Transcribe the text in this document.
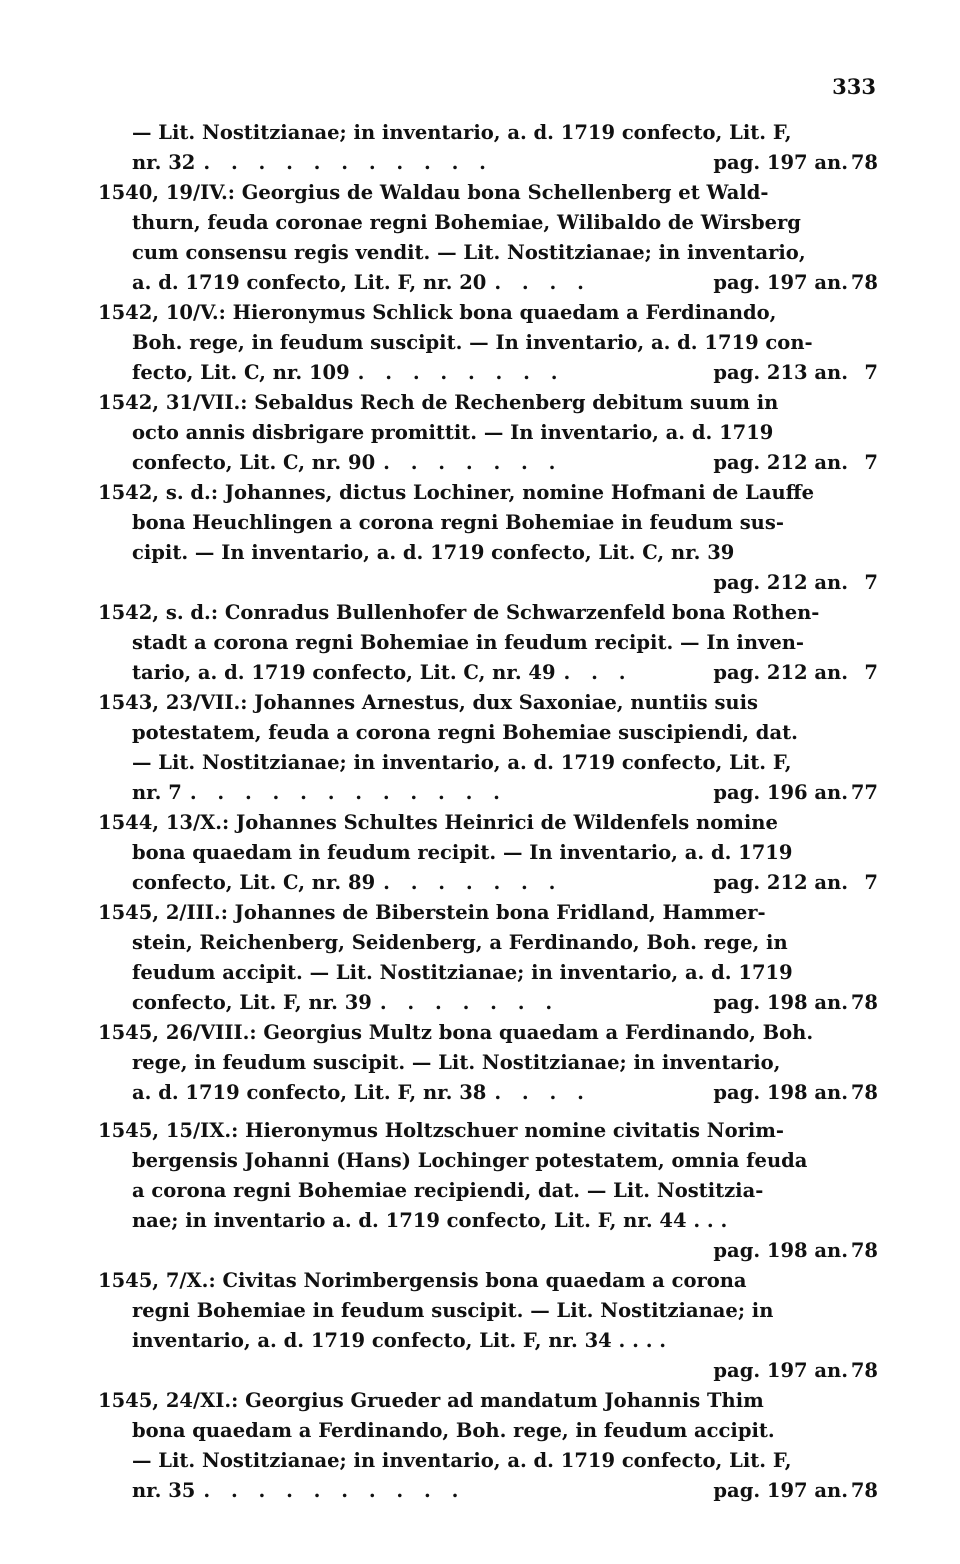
333
— Lit. Nostitzianae; in inventario, a. d. 1719 confecto, Lit. F,
nr. 32 . . . . . . . . . . .	pag. 197 an. 78
1540, 19/IV.: Georgius de Waldau bona Schellenberg et Wald-
thurn, feuda coronae regni Bohemiae, Wilibaldo de Wirsberg
cum consensu regis vendit. — Lit. Nostitzianae; in inventario,
a. d. 1719 confecto, Lit. F, nr. 20 . . . .	pag. 197 an. 78
1542, 10/V.: Hieronymus Schlick bona quaedam a Ferdinando,
Boh. rege, in feudum suscipit. — In inventario, a. d. 1719 con-
fecto, Lit. C, nr. 109 . . . . . . . .	pag. 213 an. 7
1542, 31/VII.: Sebaldus Rech de Rechenberg debitum suum in
octo annis disbrigare promittit. — In inventario, a. d. 1719
confecto, Lit. C, nr. 90 . . . . . . .	pag. 212 an. 7
1542, s. d.: Johannes, dictus Lochiner, nomine Hofmani de Lauffe
bona Heuchlingen a corona regni Bohemiae in feudum sus-
cipit. — In inventario, a. d. 1719 confecto, Lit. C, nr. 39
pag. 212 an. 7
1542, s. d.: Conradus Bullenhofer de Schwarzenfeld bona Rothen-
stadt a corona regni Bohemiae in feudum recipit. — In inven-
tario, a. d. 1719 confecto, Lit. C, nr. 49 . . .	pag. 212 an. 7
1543, 23/VII.: Johannes Arnestus, dux Saxoniae, nuntiis suis
potestatem, feuda a corona regni Bohemiae suscipiendi, dat.
— Lit. Nostitzianae; in inventario, a. d. 1719 confecto, Lit. F,
nr. 7 . . . . . . . . . . . .	pag. 196 an. 77
1544, 13/X.: Johannes Schultes Heinrici de Wildenfels nomine
bona quaedam in feudum recipit. — In inventario, a. d. 1719
confecto, Lit. C, nr. 89 . . . . . . .	pag. 212 an. 7
1545, 2/III.: Johannes de Biberstein bona Fridland, Hammer-
stein, Reichenberg, Seidenberg, a Ferdinando, Boh. rege, in
feudum accipit. — Lit. Nostitzianae; in inventario, a. d. 1719
confecto, Lit. F, nr. 39 . . . . . . .	pag. 198 an. 78
1545, 26/VIII.: Georgius Multz bona quaedam a Ferdinando, Boh.
rege, in feudum suscipit. — Lit. Nostitzianae; in inventario,
a. d. 1719 confecto, Lit. F, nr. 38 . . . .	pag. 198 an. 78
1545, 15/IX.: Hieronymus Holtzschuer nomine civitatis Norim-
bergensis Johanni (Hans) Lochinger potestatem, omnia feuda
a corona regni Bohemiae recipiendi, dat. — Lit. Nostitzia-
nae; in inventario a. d. 1719 confecto, Lit. F, nr. 44 . . .
pag. 198 an. 78
1545, 7/X.: Civitas Norimbergensis bona quaedam a corona
regni Bohemiae in feudum suscipit. — Lit. Nostitzianae; in
inventario, a. d. 1719 confecto, Lit. F, nr. 34 . . . .
pag. 197 an. 78
1545, 24/XI.: Georgius Grueder ad mandatum Johannis Thim
bona quaedam a Ferdinando, Boh. rege, in feudum accipit.
— Lit. Nostitzianae; in inventario, a. d. 1719 confecto, Lit. F,
nr. 35 . . . . . . . . . .	pag. 197 an. 78
